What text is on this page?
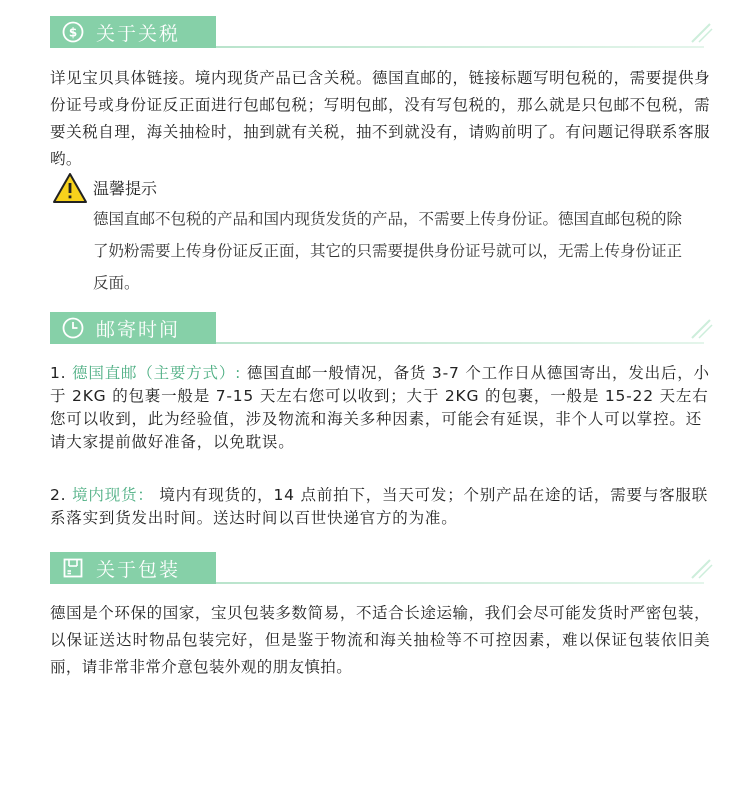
$ 关于关税
详见宝贝具体链接。境内现货产品已含关税。德国直邮的，链接标题写明包税的，需要提供身份证号或身份证反正面进行包邮包税；写明包邮，没有写包税的，那么就是只包邮不包税，需要关税自理，海关抽检时，抽到就有关税，抽不到就没有，请购前明了。有问题记得联系客服哟。
温馨提示
德国直邮不包税的产品和国内现货发货的产品，不需要上传身份证。德国直邮包税的除了奶粉需要上传身份证反正面，其它的只需要提供身份证号就可以，无需上传身份证正反面。
邮寄时间
1. 德国直邮（主要方式）: 德国直邮一般情况，备货 3-7 个工作日从德国寄出，发出后，小于 2KG 的包裹一般是 7-15 天左右您可以收到；大于 2KG 的包裹，一般是 15-22 天左右您可以收到，此为经验值，涉及物流和海关多种因素，可能会有延误，非个人可以掌控。还请大家提前做好准备，以免耽误。
2. 境内现货： 境内有现货的，14 点前拍下，当天可发；个别产品在途的话，需要与客服联系落实到货发出时间。送达时间以百世快递官方的为准。
关于包装
德国是个环保的国家，宝贝包装多数简易，不适合长途运输，我们会尽可能发货时严密包装，以保证送达时物品包装完好，但是鉴于物流和海关抽检等不可控因素，难以保证包装依旧美丽，请非常非常介意包装外观的朋友慎拍。
